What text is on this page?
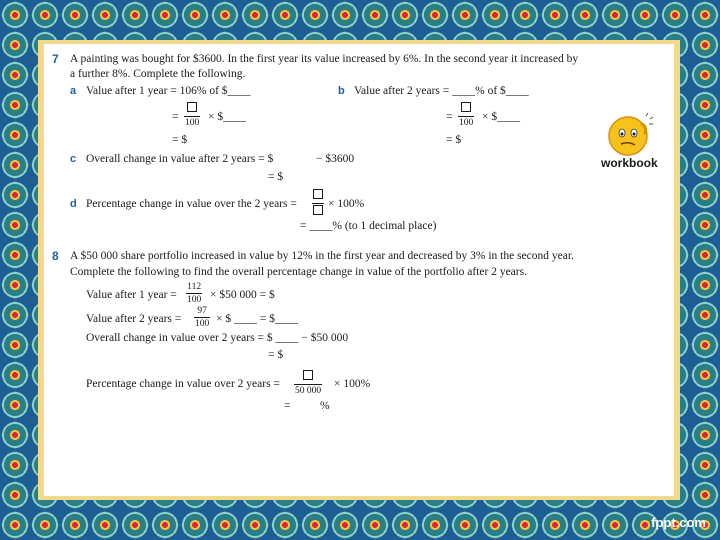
7 A painting was bought for $3600. In the first year its value increased by 6%. In the second year it increased by
a further 8%. Complete the following.
a Value after 1 year = 106% of $____
= 100 × $____
= $
b Value after 2 years = ____% of $____
= 100 × $____
= $
c Overall change in value after 2 years = $	− $3600
= $
d Percentage change in value over the 2 years =	× 100%
= ____% (to 1 decimal place)
8 A $50 000 share portfolio increased in value by 12% in the first year and decreased by 3% in the second year.
Complete the following to find the overall percentage change in value of the portfolio after 2 years.
Value after 1 year =
112
100 × $50 000 = $
Value after 2 years =
97
100 × $ ____ = $____
Overall change in value over 2 years = $ ____ − $50 000
= $
Percentage change in value over 2 years =
50 000
× 100%
=	%
workbook
fppt.com
